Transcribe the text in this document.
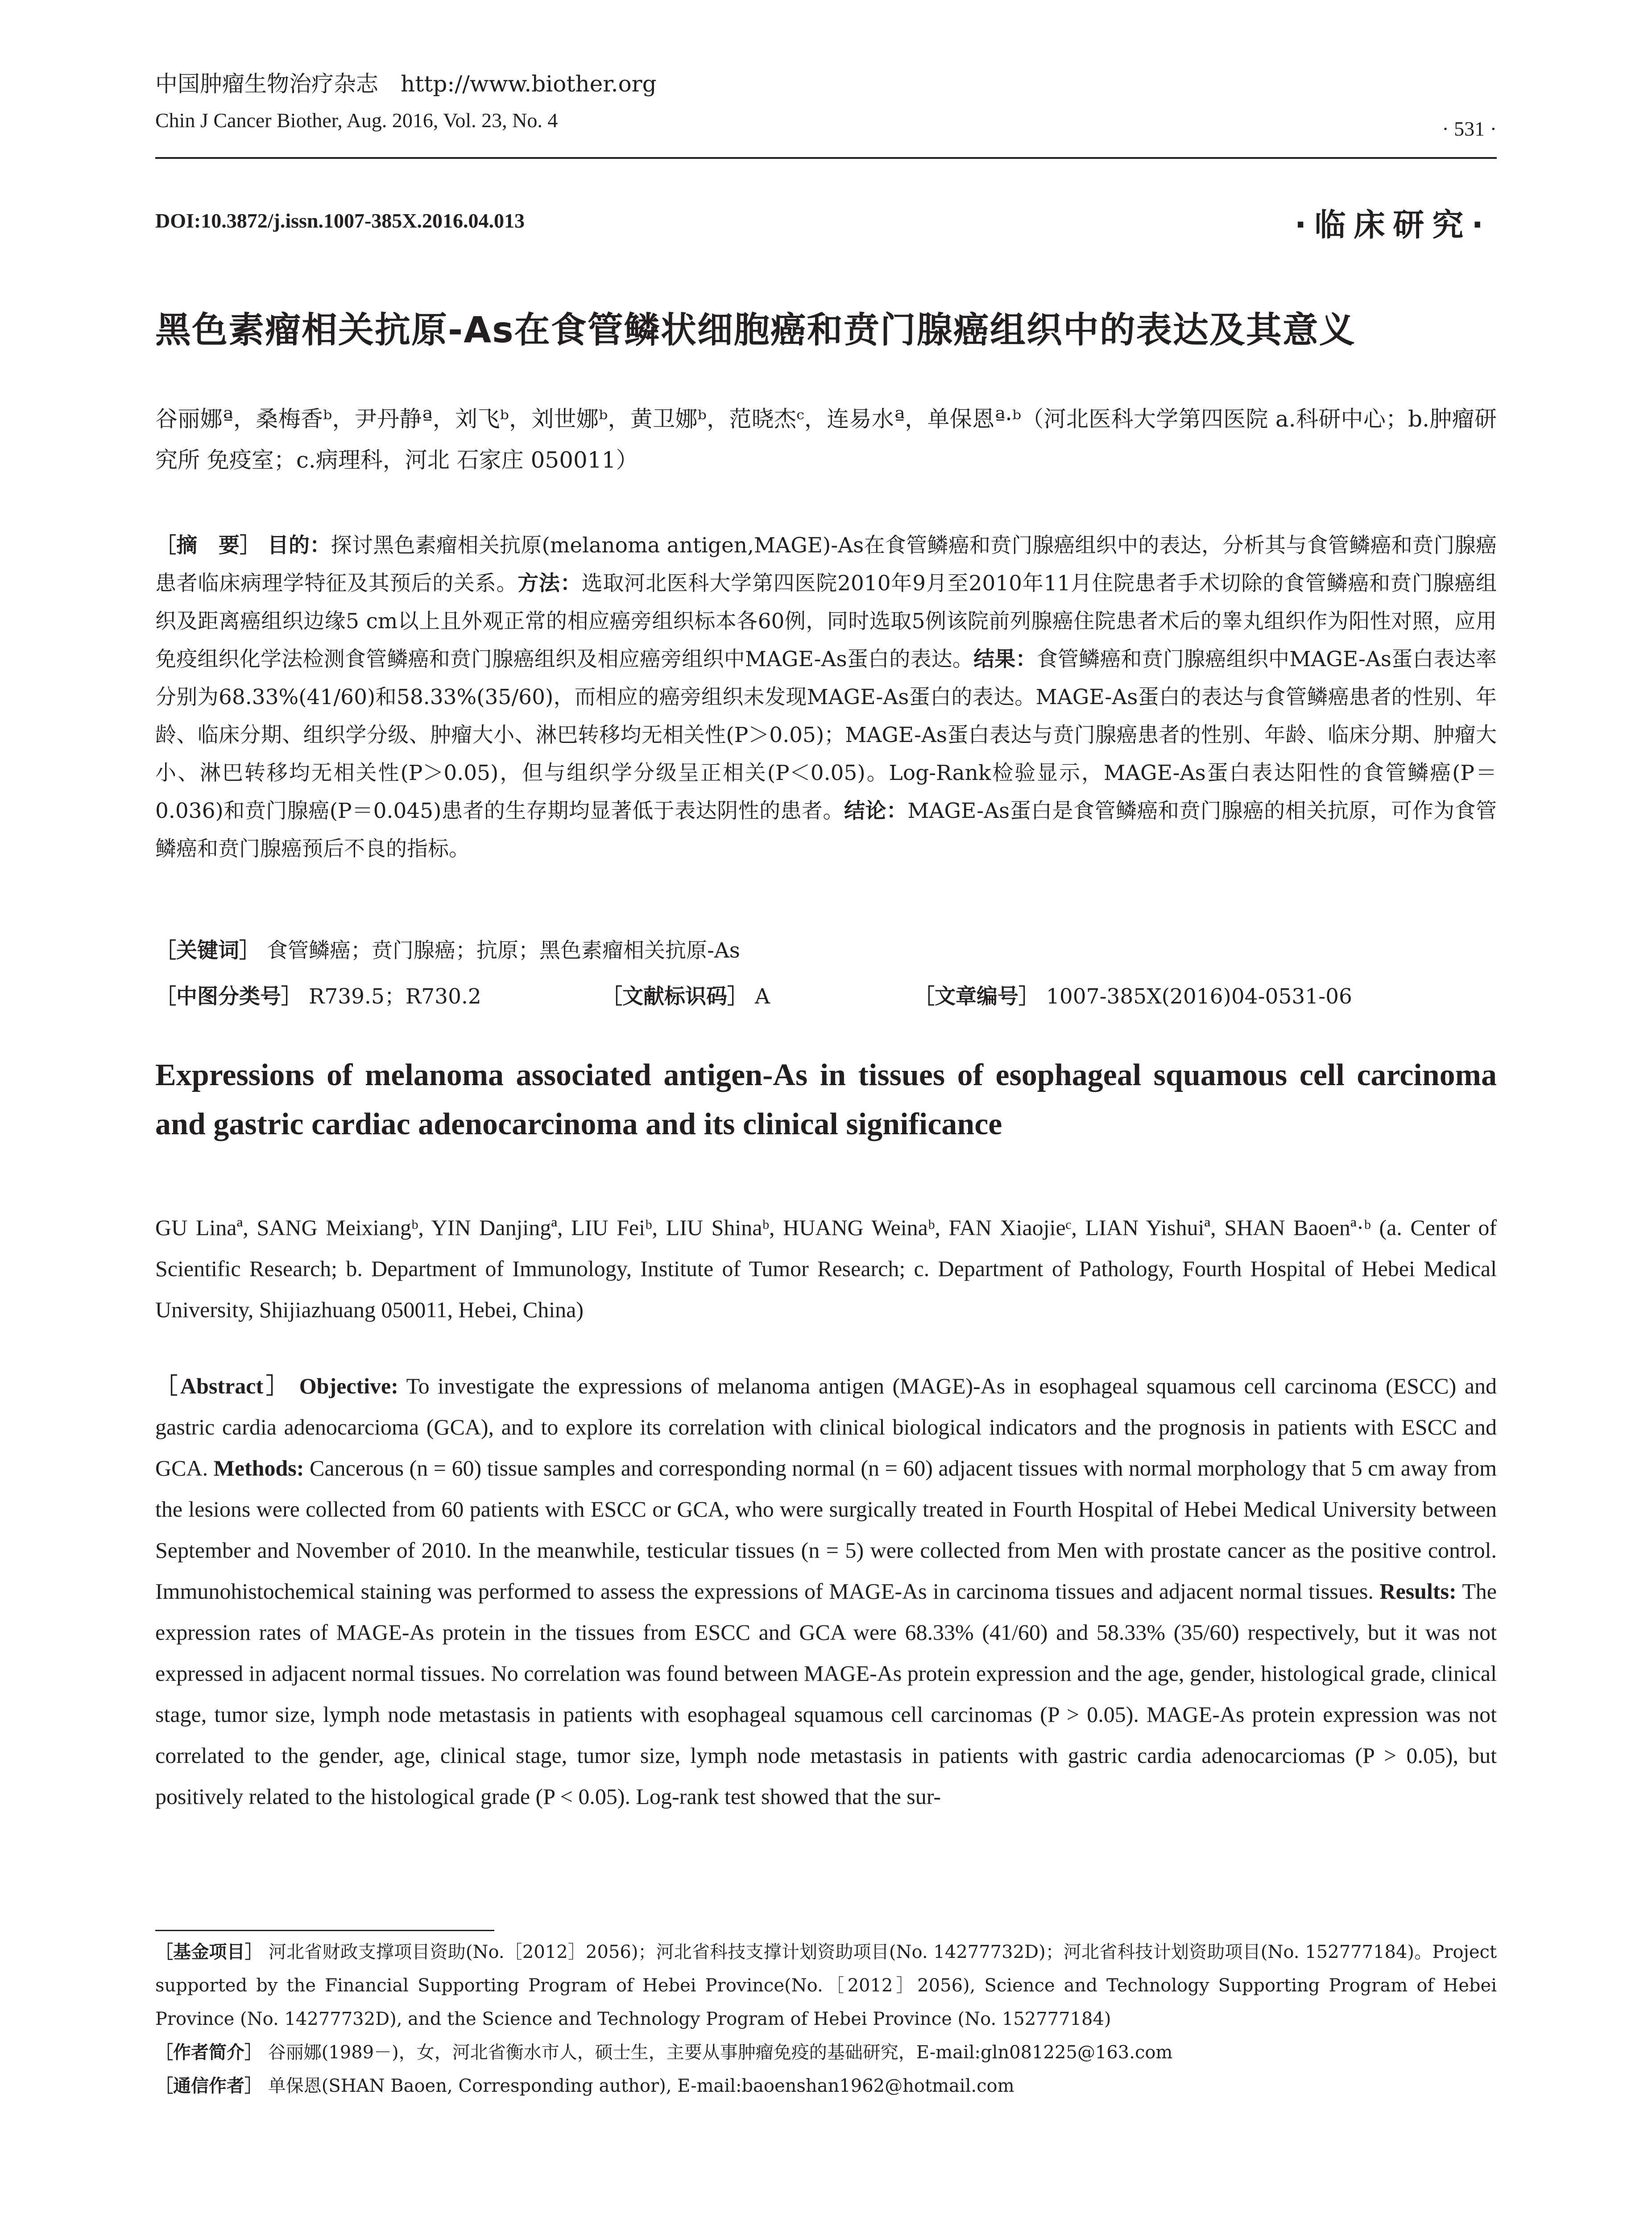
中国肿瘤生物治疗杂志　http://www.biother.org
Chin J Cancer Biother, Aug. 2016, Vol. 23, No. 4	· 531 ·
DOI:10.3872/j.issn.1007-385X.2016.04.013	·临床研究·
黑色素瘤相关抗原-As在食管鳞状细胞癌和贲门腺癌组织中的表达及其意义
谷丽娜ª，桑梅香ᵇ，尹丹静ª，刘飞ᵇ，刘世娜ᵇ，黄卫娜ᵇ，范晓杰ᶜ，连易水ª，单保恩ª·ᵇ（河北医科大学第四医院 a.科研中心；b.肿瘤研究所 免疫室；c.病理科，河北 石家庄 050011）
［摘　要］ 目的：探讨黑色素瘤相关抗原(melanoma antigen,MAGE)-As在食管鳞癌和贲门腺癌组织中的表达，分析其与食管鳞癌和贲门腺癌患者临床病理学特征及其预后的关系。方法：选取河北医科大学第四医院2010年9月至2010年11月住院患者手术切除的食管鳞癌和贲门腺癌组织及距离癌组织边缘5 cm以上且外观正常的相应癌旁组织标本各60例，同时选取5例该院前列腺癌住院患者术后的睾丸组织作为阳性对照，应用免疫组织化学法检测食管鳞癌和贲门腺癌组织及相应癌旁组织中MAGE-As蛋白的表达。结果：食管鳞癌和贲门腺癌组织中MAGE-As蛋白表达率分别为68.33%(41/60)和58.33%(35/60)，而相应的癌旁组织未发现MAGE-As蛋白的表达。MAGE-As蛋白的表达与食管鳞癌患者的性别、年龄、临床分期、组织学分级、肿瘤大小、淋巴转移均无相关性(P＞0.05)；MAGE-As蛋白表达与贲门腺癌患者的性别、年龄、临床分期、肿瘤大小、淋巴转移均无相关性(P＞0.05)，但与组织学分级呈正相关(P＜0.05)。Log-Rank检验显示，MAGE-As蛋白表达阳性的食管鳞癌(P＝0.036)和贲门腺癌(P＝0.045)患者的生存期均显著低于表达阴性的患者。结论：MAGE-As蛋白是食管鳞癌和贲门腺癌的相关抗原，可作为食管鳞癌和贲门腺癌预后不良的指标。
［关键词］ 食管鳞癌；贲门腺癌；抗原；黑色素瘤相关抗原-As
［中图分类号］ R739.5；R730.2	［文献标识码］ A	［文章编号］ 1007-385X(2016)04-0531-06
Expressions of melanoma associated antigen-As in tissues of esophageal squamous cell carcinoma and gastric cardiac adenocarcinoma and its clinical significance
GU Linaª, SANG Meixiangᵇ, YIN Danjingª, LIU Feiᵇ, LIU Shinaᵇ, HUANG Weinaᵇ, FAN Xiaojieᶜ, LIAN Yishuiª, SHAN Baoenª·ᵇ (a. Center of Scientific Research; b. Department of Immunology, Institute of Tumor Research; c. Department of Pathology, Fourth Hospital of Hebei Medical University, Shijiazhuang 050011, Hebei, China)
［Abstract］ Objective: To investigate the expressions of melanoma antigen (MAGE)-As in esophageal squamous cell carcinoma (ESCC) and gastric cardia adenocarcioma (GCA), and to explore its correlation with clinical biological indicators and the prognosis in patients with ESCC and GCA. Methods: Cancerous (n = 60) tissue samples and corresponding normal (n = 60) adjacent tissues with normal morphology that 5 cm away from the lesions were collected from 60 patients with ESCC or GCA, who were surgically treated in Fourth Hospital of Hebei Medical University between September and November of 2010. In the meanwhile, testicular tissues (n = 5) were collected from Men with prostate cancer as the positive control. Immunohistochemical staining was performed to assess the expressions of MAGE-As in carcinoma tissues and adjacent normal tissues. Results: The expression rates of MAGE-As protein in the tissues from ESCC and GCA were 68.33% (41/60) and 58.33% (35/60) respectively, but it was not expressed in adjacent normal tissues. No correlation was found between MAGE-As protein expression and the age, gender, histological grade, clinical stage, tumor size, lymph node metastasis in patients with esophageal squamous cell carcinomas (P > 0.05). MAGE-As protein expression was not correlated to the gender, age, clinical stage, tumor size, lymph node metastasis in patients with gastric cardia adenocarciomas (P > 0.05), but positively related to the histological grade (P < 0.05). Log-rank test showed that the sur-

［基金项目］ 河北省财政支撑项目资助(No.［2012］2056)；河北省科技支撑计划资助项目(No. 14277732D)；河北省科技计划资助项目(No. 152777184)。Project supported by the Financial Supporting Program of Hebei Province(No.［2012］2056), Science and Technology Supporting Program of Hebei Province (No. 14277732D), and the Science and Technology Program of Hebei Province (No. 152777184)

［作者简介］ 谷丽娜(1989－)，女，河北省衡水市人，硕士生，主要从事肿瘤免疫的基础研究，E-mail:gln081225@163.com

［通信作者］ 单保恩(SHAN Baoen, Corresponding author), E-mail:baoenshan1962@hotmail.com
